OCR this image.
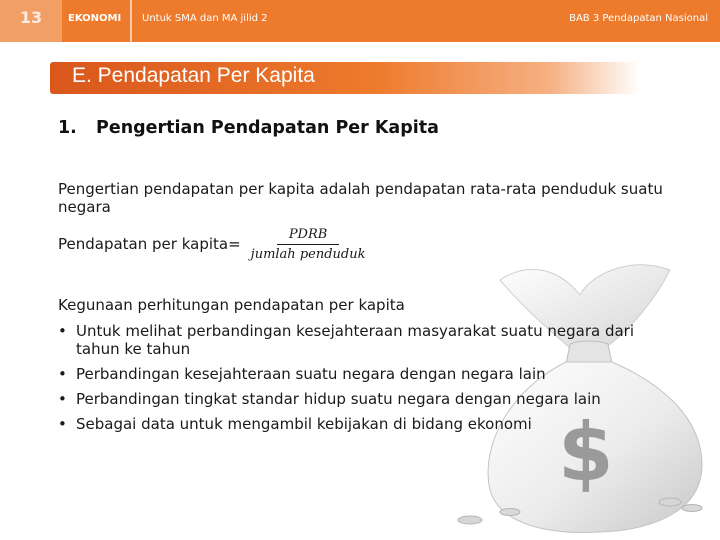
13	EKONOMI Untuk SMA dan MA jilid 2	BAB 3 Pendapatan Nasional
$
E. Pendapatan Per Kapita
1. Pengertian Pendapatan Per Kapita
Pengertian pendapatan per kapita adalah pendapatan rata-rata penduduk suatu negara
Pendapatan per kapita = $\frac{\text{PDRB}}{\text{jumlah penduduk}}$
Kegunaan perhitungan pendapatan per kapita
• Untuk melihat perbandingan kesejahteraan masyarakat suatu negara dari tahun ke tahun
• Perbandingan kesejahteraan suatu negara dengan negara lain
• Perbandingan tingkat standar hidup suatu negara dengan negara lain
• Sebagai data untuk mengambil kebijakan di bidang ekonomi
